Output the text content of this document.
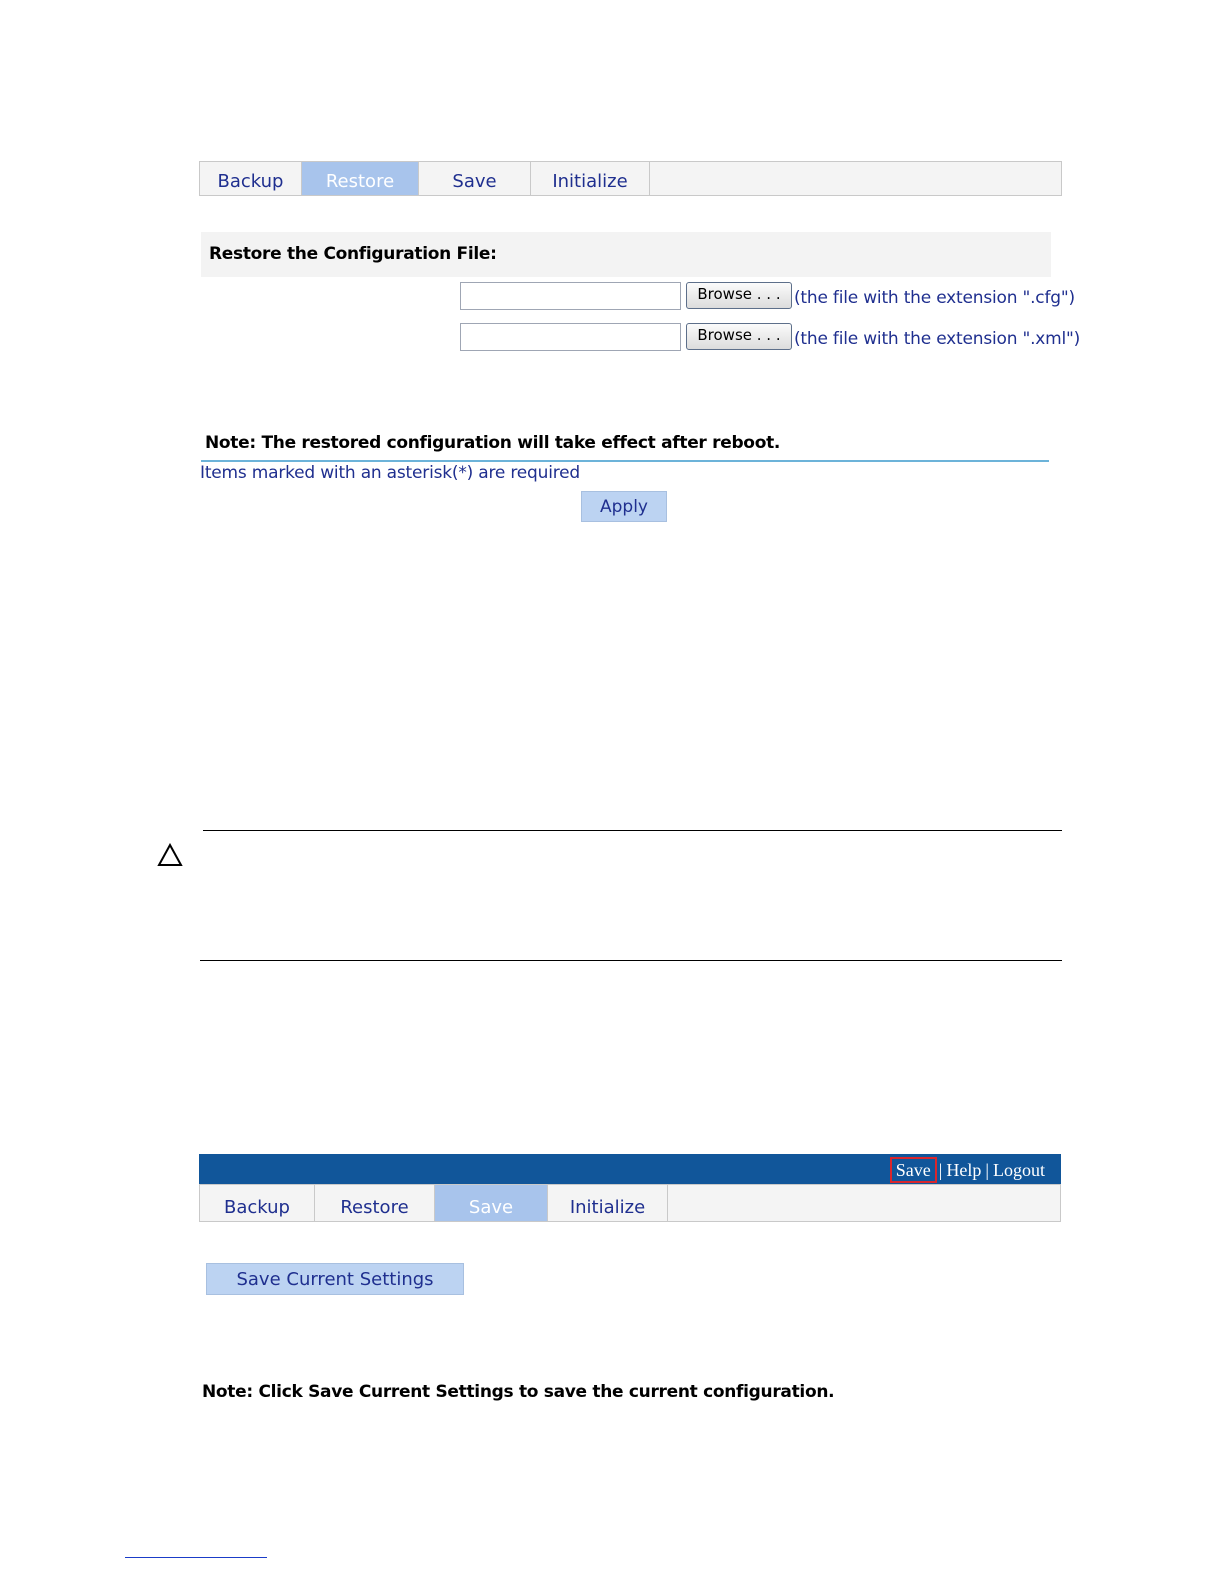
Backup	Restore	Save	Initialize
Restore the Configuration File:
Browse . . . (the file with the extension ".cfg")
Browse . . . (the file with the extension ".xml")
Note: The restored configuration will take effect after reboot.
Items marked with an asterisk(*) are required
Apply
Save | Help | Logout
Backup	Restore	Save	Initialize
Save Current Settings
Note: Click Save Current Settings to save the current configuration.
